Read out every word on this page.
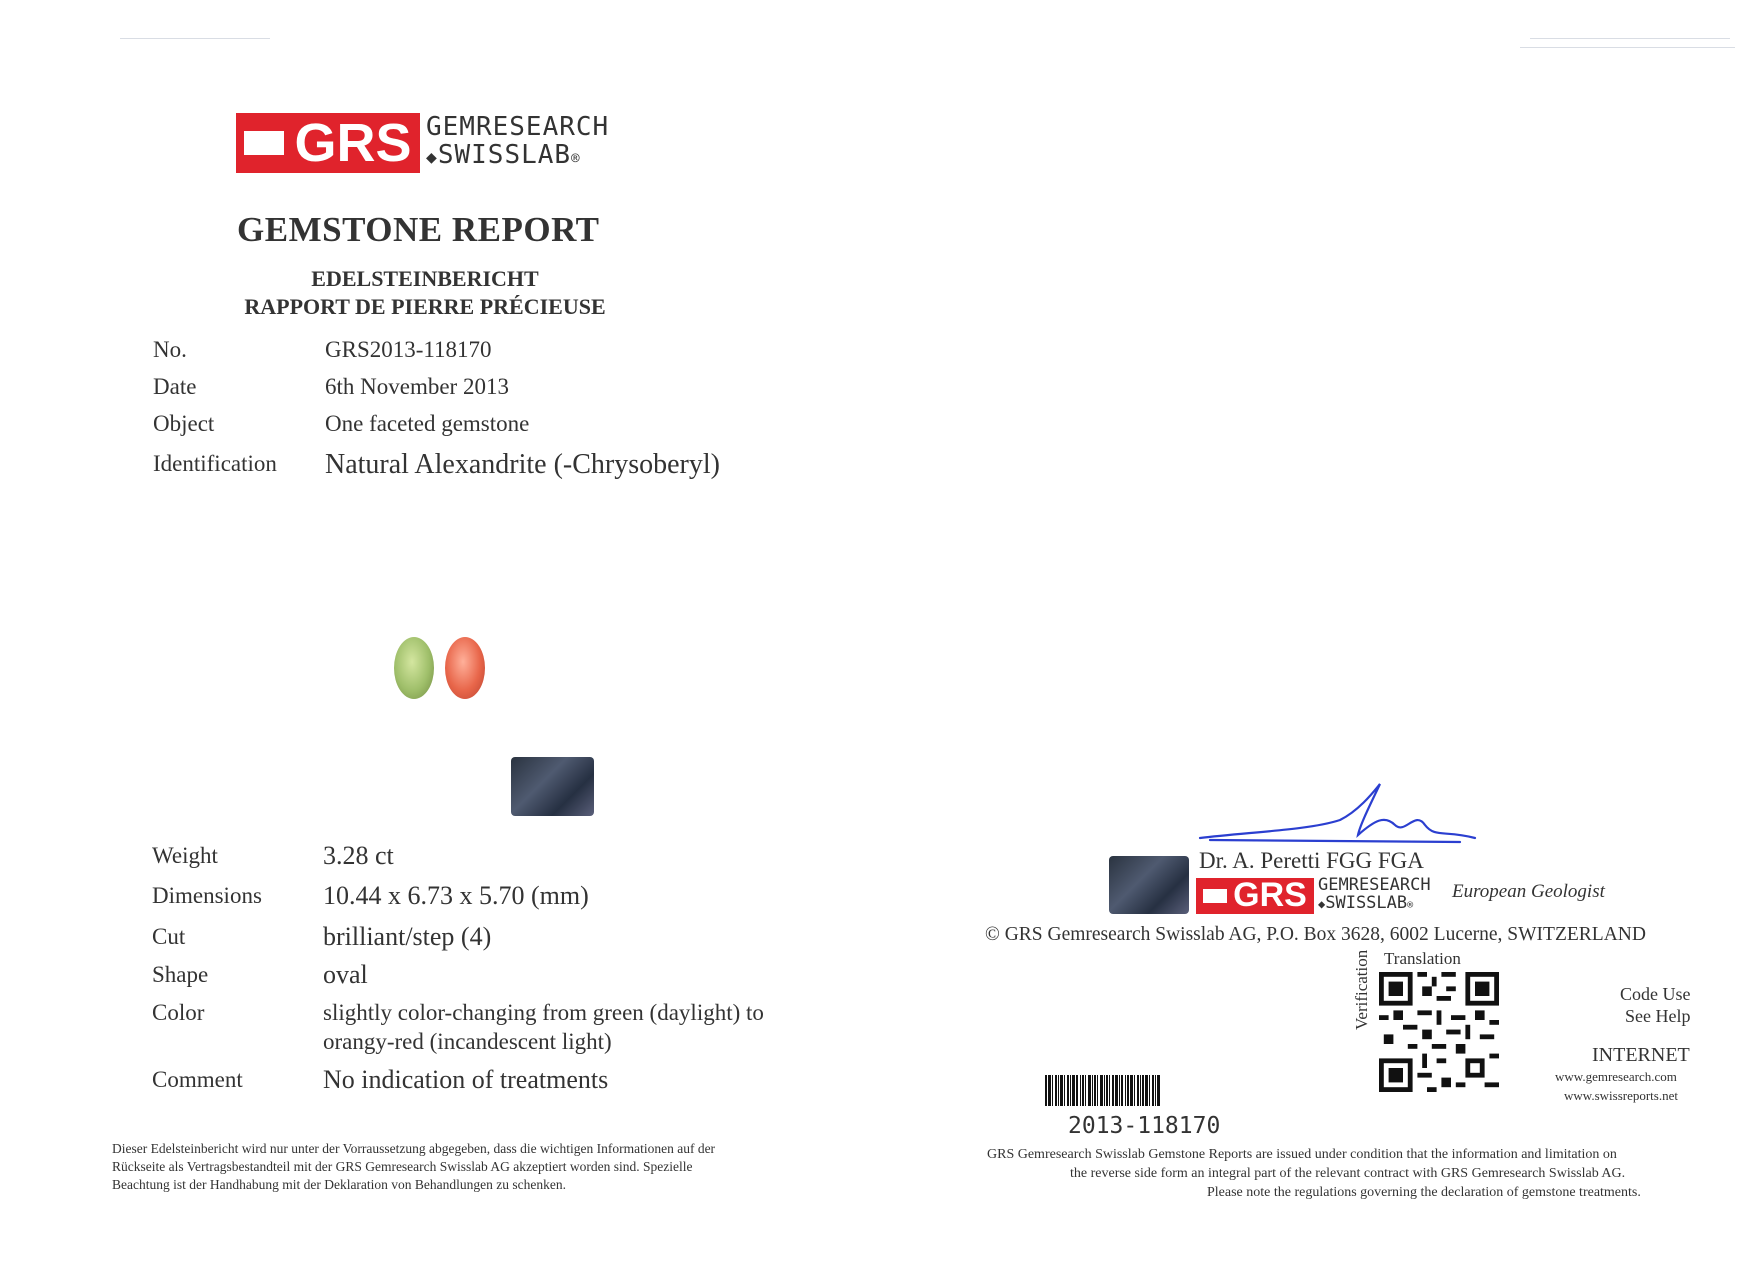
GRS GEMRESEARCH
◆SWISSLAB®
GEMSTONE REPORT
EDELSTEINBERICHT
RAPPORT DE PIERRE PRÉCIEUSE
No.	GRS2013-118170
Date	6th November 2013
Object	One faceted gemstone
Identification Natural Alexandrite (-Chrysoberyl)
Weight	3.28 ct
Dimensions 10.44 x 6.73 x 5.70 (mm)
Cut	brilliant/step (4)
Shape	oval
Color	slightly color-changing from green (daylight) to
orangy-red (incandescent light)
Comment	No indication of treatments
Dieser Edelsteinbericht wird nur unter der Vorraussetzung abgegeben, dass die wichtigen Informationen auf der
Rückseite als Vertragsbestandteil mit der GRS Gemresearch Swisslab AG akzeptiert worden sind. Spezielle
Beachtung ist der Handhabung mit der Deklaration von Behandlungen zu schenken.
Dr. A. Peretti FGG FGA
GRS GEMRESEARCH
◆SWISSLAB®
European Geologist
© GRS Gemresearch Swisslab AG, P.O. Box 3628, 6002 Lucerne, SWITZERLAND
Translation
Verification	Code Use
See Help
INTERNET
www.gemresearch.com
www.swissreports.net
2013-118170
GRS Gemresearch Swisslab Gemstone Reports are issued under condition that the information and limitation on
the reverse side form an integral part of the relevant contract with GRS Gemresearch Swisslab AG.
Please note the regulations governing the declaration of gemstone treatments.
